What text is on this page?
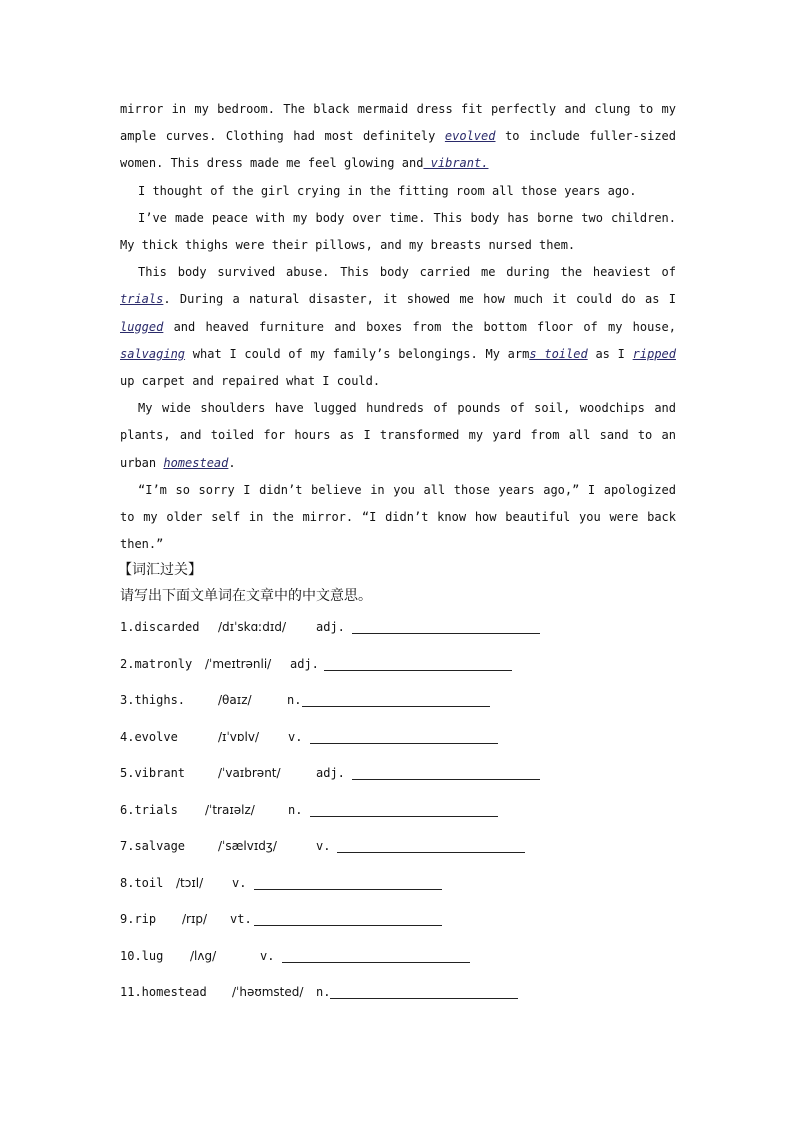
mirror in my bedroom. The black mermaid dress fit perfectly and clung to my ample curves. Clothing had most definitely evolved to include fuller-sized women. This dress made me feel glowing and vibrant.

I thought of the girl crying in the fitting room all those years ago.

I’ve made peace with my body over time. This body has borne two children. My thick thighs were their pillows, and my breasts nursed them.

This body survived abuse. This body carried me during the heaviest of trials. During a natural disaster, it showed me how much it could do as I lugged and heaved furniture and boxes from the bottom floor of my house, salvaging what I could of my family’s belongings. My arms toiled as I ripped up carpet and repaired what I could.

My wide shoulders have lugged hundreds of pounds of soil, woodchips and plants, and toiled for hours as I transformed my yard from all sand to an urban homestead.

“I’m so sorry I didn’t believe in you all those years ago,” I apologized to my older self in the mirror. “I didn’t know how beautiful you were back then.”

【词汇过关】
请写出下面文单词在文章中的中文意思。
1.discarded /dɪˈskɑːdɪd/ adj.
2.matronly /ˈmeɪtrənli/ adj.
3.thighs.	/θaɪz/	n.
4.evolve	/ɪˈvɒlv/ v.
5.vibrant	/ˈvaɪbrənt/	adj.
6.trials /ˈtraɪəlz/	n.
7.salvage	/ˈsælvɪdʒ/	v.
8.toil /tɔɪl/ v.
9.rip /rɪp/ vt.
10.lug /lʌg/	v.
11.homestead /ˈhəʊmsted/ n.
